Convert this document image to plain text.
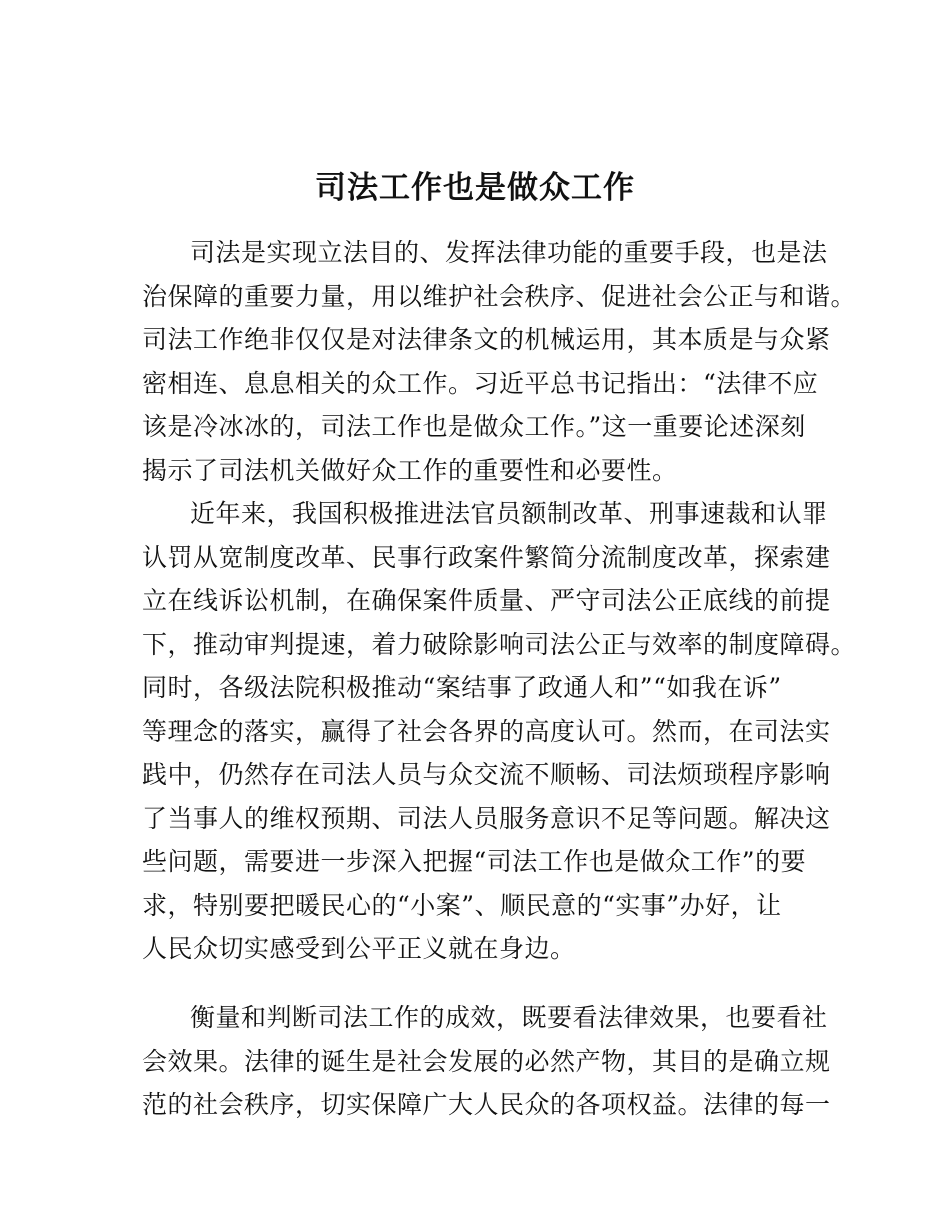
司法工作也是做众工作
司法是实现立法目的、发挥法律功能的重要手段，也是法
治保障的重要力量，用以维护社会秩序、促进社会公正与和谐。
司法工作绝非仅仅是对法律条文的机械运用，其本质是与众紧
密相连、息息相关的众工作。习近平总书记指出：“法律不应
该是冷冰冰的，司法工作也是做众工作。”这一重要论述深刻
揭示了司法机关做好众工作的重要性和必要性。
近年来，我国积极推进法官员额制改革、刑事速裁和认罪
认罚从宽制度改革、民事行政案件繁简分流制度改革，探索建
立在线诉讼机制，在确保案件质量、严守司法公正底线的前提
下，推动审判提速，着力破除影响司法公正与效率的制度障碍。
同时，各级法院积极推动“案结事了政通人和”“如我在诉”
等理念的落实，赢得了社会各界的高度认可。然而，在司法实
践中，仍然存在司法人员与众交流不顺畅、司法烦琐程序影响
了当事人的维权预期、司法人员服务意识不足等问题。解决这
些问题，需要进一步深入把握“司法工作也是做众工作”的要
求，特别要把暖民心的“小案”、顺民意的“实事”办好，让
人民众切实感受到公平正义就在身边。
衡量和判断司法工作的成效，既要看法律效果，也要看社
会效果。法律的诞生是社会发展的必然产物，其目的是确立规
范的社会秩序，切实保障广大人民众的各项权益。法律的每一
